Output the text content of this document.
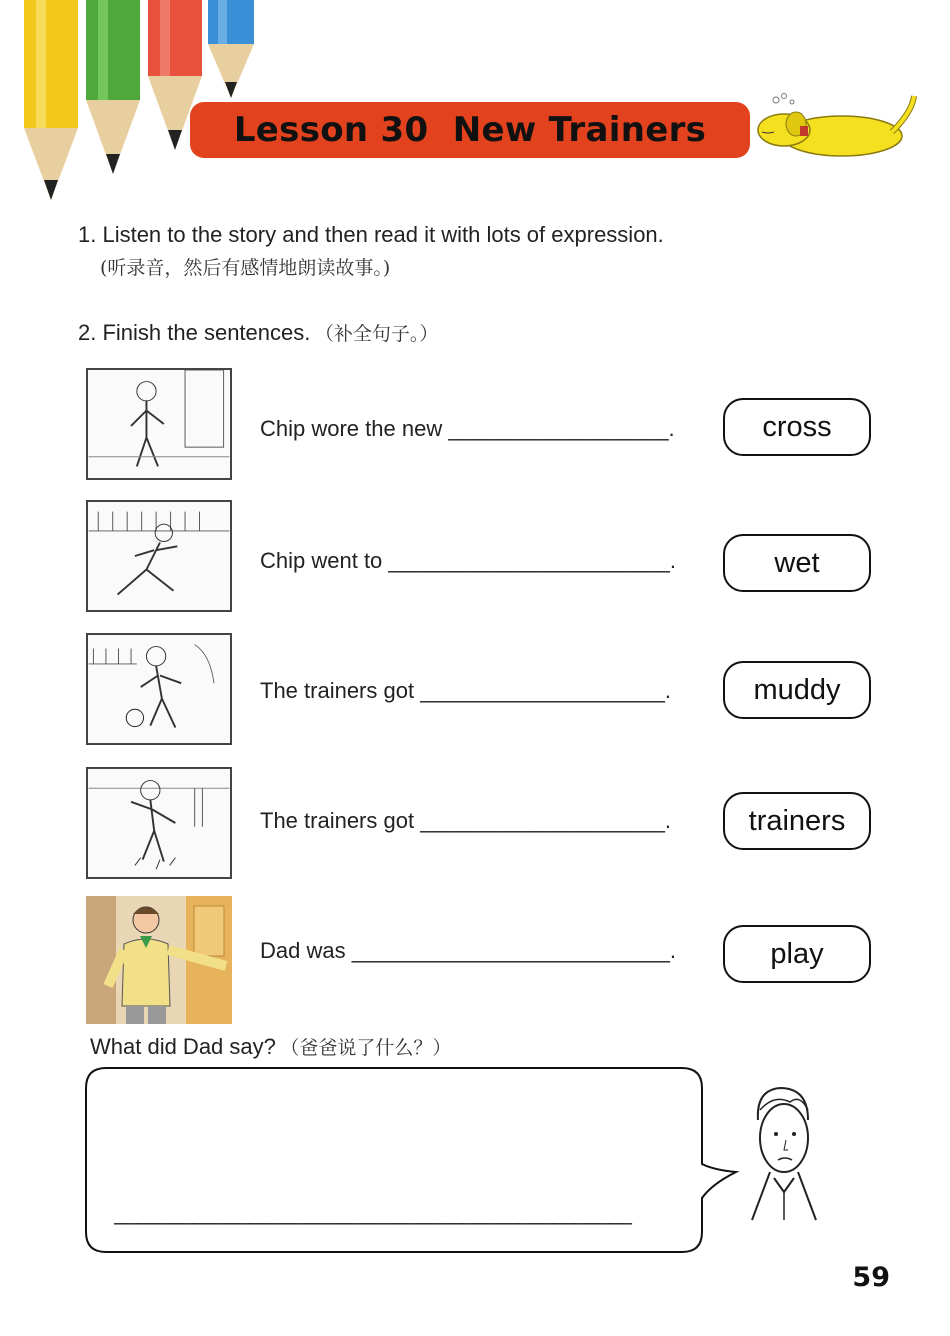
Lesson 30  New Trainers
1. Listen to the story and then read it with lots of expression.
(听录音，然后有感情地朗读故事。)
2. Finish the sentences. （补全句子。）
Chip wore the new __________________.	cross
Chip went to _______________________.	wet
The trainers got ____________________.	muddy
The trainers got ____________________.	trainers
Dad was __________________________.	play
What did Dad say? （爸爸说了什么？）
______________________________________________
59
